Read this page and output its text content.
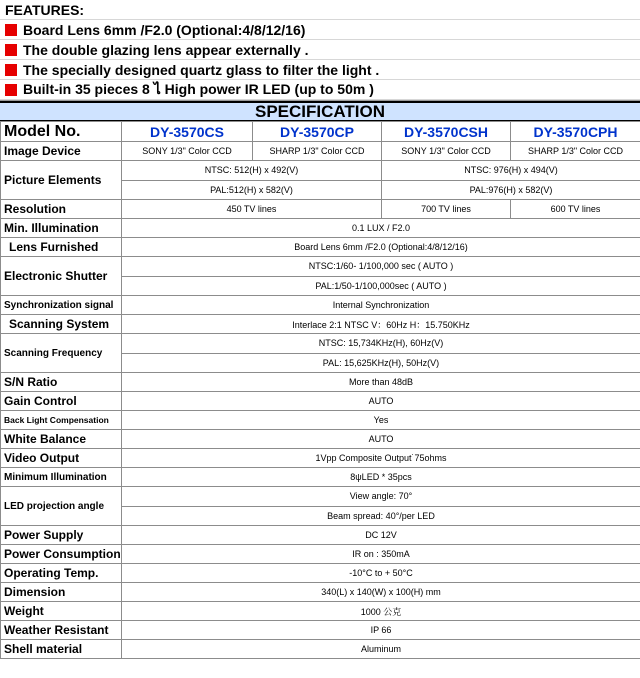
FEATURES:
Board Lens 6mm /F2.0 (Optional:4/8/12/16)
The double glazing lens appear externally .
The specially designed quartz glass to filter the light .
Built-in 35 pieces 8 ไ High power IR LED (up to 50m )
SPECIFICATION
Model No.	DY-3570CS	DY-3570CP	DY-3570CSH	DY-3570CPH
Image Device	SONY 1/3" Color CCD	SHARP 1/3" Color CCD	SONY 1/3" Color CCD	SHARP 1/3" Color CCD
Picture Elements	NTSC: 512(H) x 492(V)		NTSC: 976(H) x 494(V)	
	PAL:512(H) x 582(V)		PAL:976(H) x 582(V)	
Resolution	450 TV lines		700 TV lines	600 TV lines
Min. Illumination	0.1 LUX / F2.0			
Lens Furnished	Board Lens 6mm /F2.0 (Optional:4/8/12/16)			
Electronic Shutter	NTSC:1/60- 1/100,000 sec ( AUTO )			
	PAL:1/50-1/100,000sec ( AUTO )			
Synchronization signal	Internal Synchronization			
Scanning System	Interlace 2:1 NTSC V：60Hz H：15.750KHz			
Scanning Frequency	NTSC: 15,734KHz(H), 60Hz(V)			
	PAL: 15,625KHz(H), 50Hz(V)			
S/N Ratio	More than 48dB			
Gain Control	AUTO			
Back Light Compensation	Yes			
White Balance	AUTO			
Video Output	1Vpp Composite Output˙75ohms			
Minimum Illumination	8ψLED * 35pcs			
LED projection angle	View angle: 70°			
	Beam spread: 40°/per LED			
Power Supply	DC 12V			
Power Consumption	IR on : 350mA			
Operating Temp.	-10°C to + 50°C			
Dimension	340(L) x 140(W) x 100(H) mm			
Weight	1000 公克			
Weather Resistant	IP 66			
Shell material	Aluminum			
